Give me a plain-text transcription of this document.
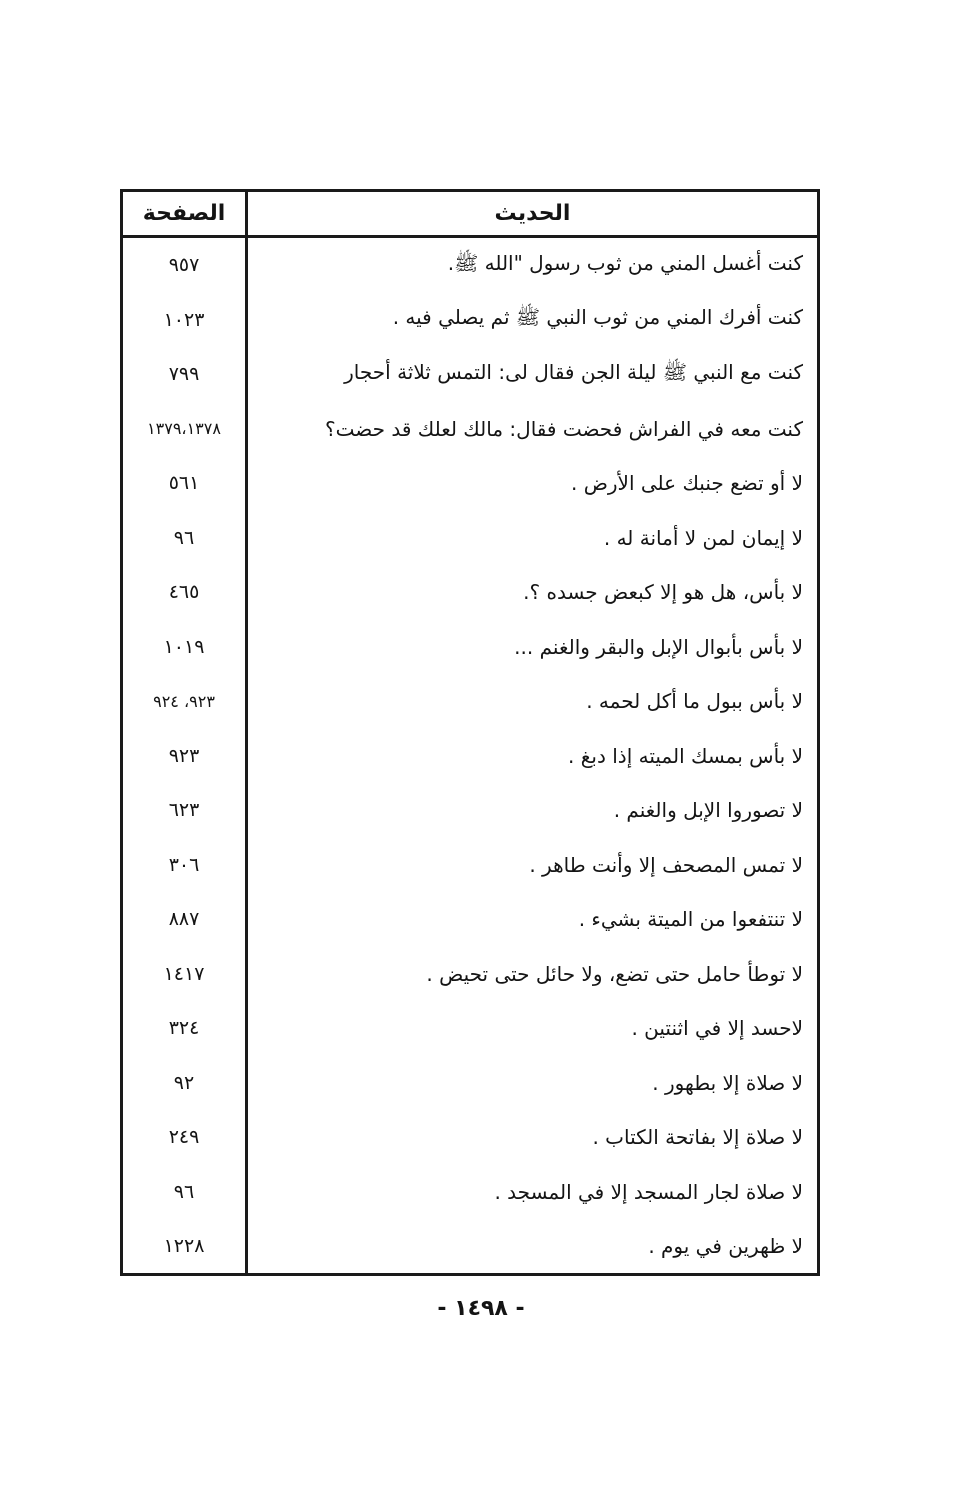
الحديث
الصفحة
كنت أغسل المني من ثوب رسول "الله ﷺ.
٩٥٧
كنت أفرك المني من ثوب النبي ﷺ ثم يصلي فيه .
١٠٢٣
كنت مع النبي ﷺ ليلة الجن فقال لى: التمس ثلاثة أحجار
٧٩٩
كنت معه في الفراش فحضت فقال: مالك لعلك قد حضت؟
١٣٧٩،١٣٧٨
لا أو تضع جنبك على الأرض .
٥٦١
لا إيمان لمن لا أمانة له .
٩٦
لا بأس، هل هو إلا كبعض جسده ؟.
٤٦٥
لا بأس بأبوال الإبل والبقر والغنم ...
١٠١٩
لا بأس ببول ما أكل لحمه .
٩٢٣، ٩٢٤
لا بأس بمسك الميته إذا دبغ .
٩٢٣
لا تصوروا الإبل والغنم .
٦٢٣
لا تمس المصحف إلا وأنت طاهر .
٣٠٦
لا تنتفعوا من الميتة بشيء .
٨٨٧
لا توطأ حامل حتى تضع، ولا حائل حتى تحيض .
١٤١٧
لاحسد إلا في اثنتين .
٣٢٤
لا صلاة إلا بطهور .
٩٢
لا صلاة إلا بفاتحة الكتاب .
٢٤٩
لا صلاة لجار المسجد إلا في المسجد .
٩٦
لا ظهرين في يوم .
١٢٢٨
- ١٤٩٨ -
